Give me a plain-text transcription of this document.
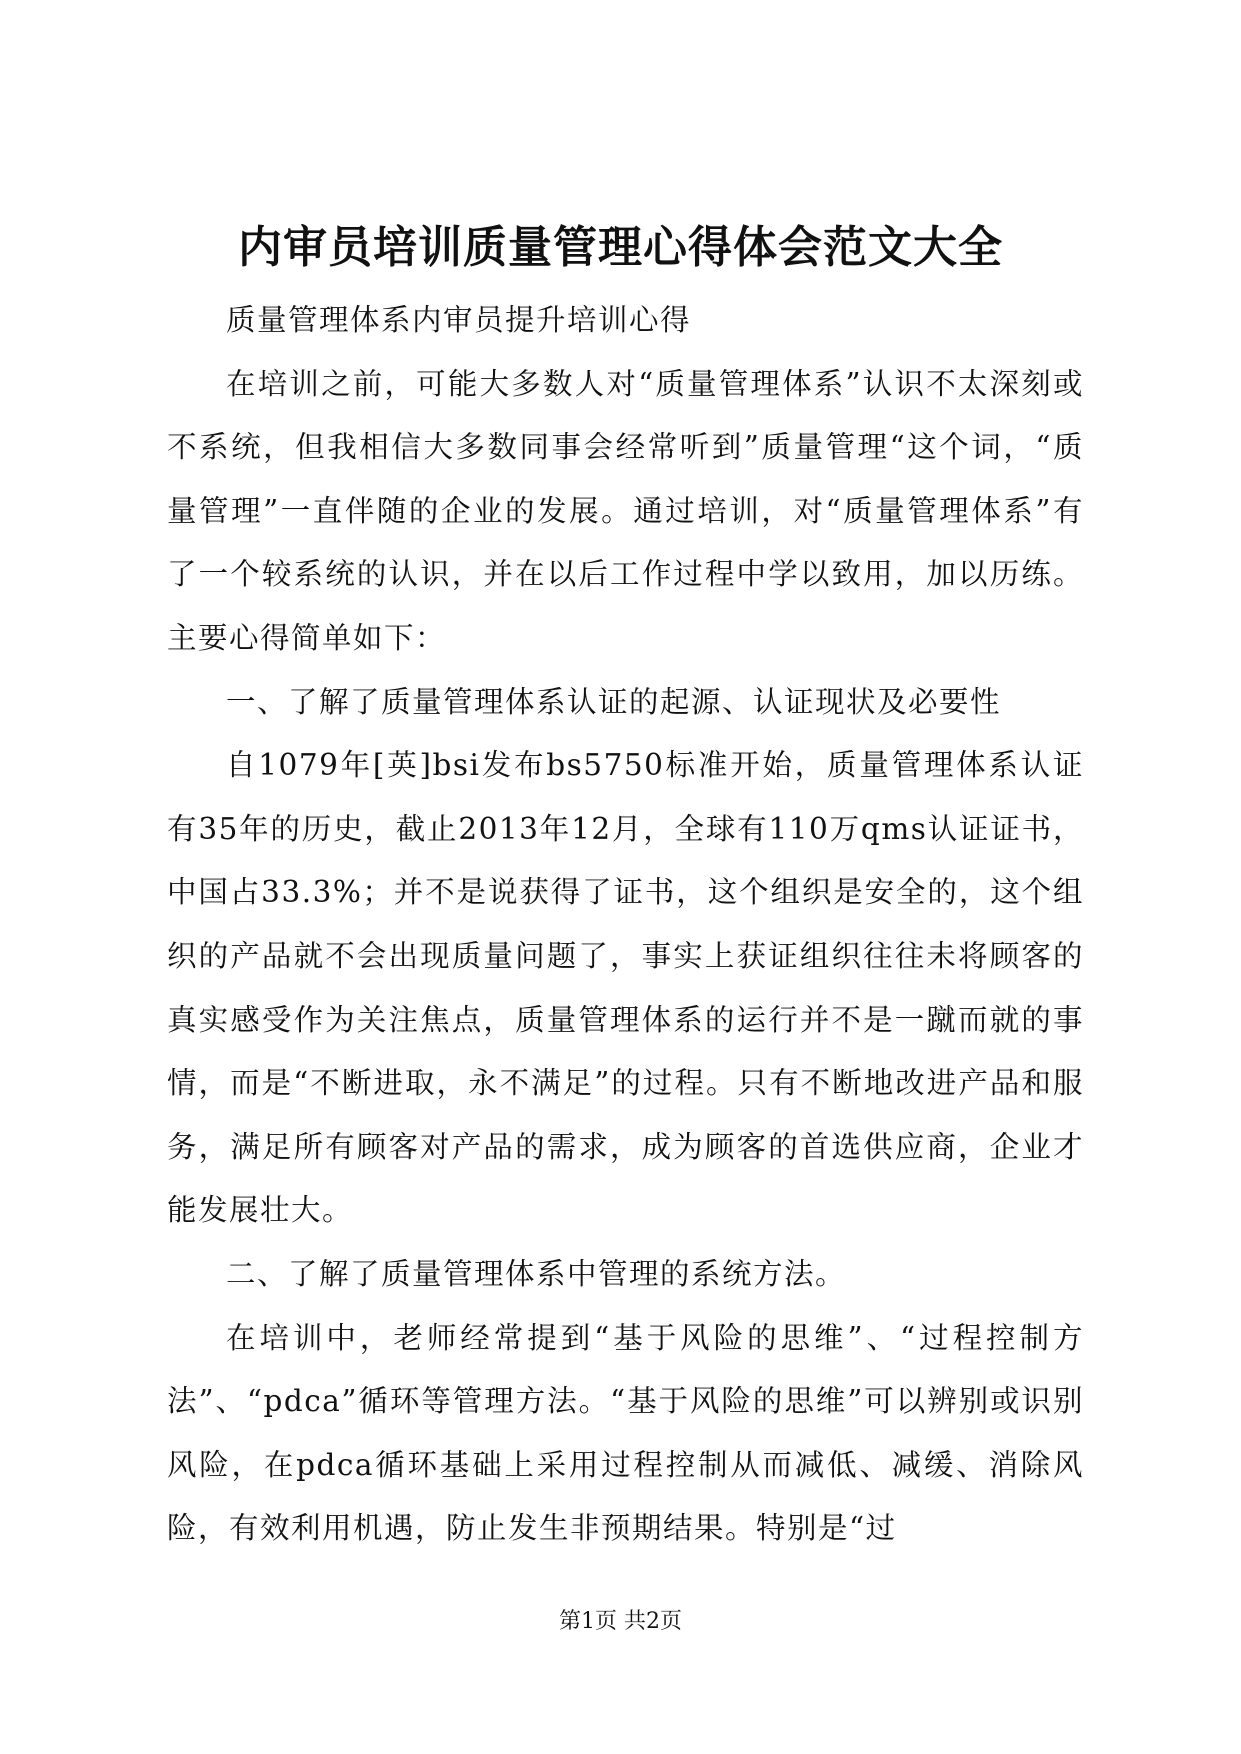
内审员培训质量管理心得体会范文大全

质量管理体系内审员提升培训心得

在培训之前，可能大多数人对“质量管理体系”认识不太深刻或不系统，但我相信大多数同事会经常听到”质量管理“这个词，“质量管理”一直伴随的企业的发展。通过培训，对“质量管理体系”有了一个较系统的认识，并在以后工作过程中学以致用，加以历练。主要心得简单如下：

一、了解了质量管理体系认证的起源、认证现状及必要性

自1079年[英]bsi发布bs5750标准开始，质量管理体系认证有35年的历史，截止2013年12月，全球有110万qms认证证书，中国占33.3%；并不是说获得了证书，这个组织是安全的，这个组织的产品就不会出现质量问题了，事实上获证组织往往未将顾客的真实感受作为关注焦点，质量管理体系的运行并不是一蹴而就的事情，而是“不断进取，永不满足”的过程。只有不断地改进产品和服务，满足所有顾客对产品的需求，成为顾客的首选供应商，企业才能发展壮大。

二、了解了质量管理体系中管理的系统方法。

在培训中，老师经常提到“基于风险的思维”、“过程控制方法”、“pdca”循环等管理方法。“基于风险的思维”可以辨别或识别风险，在pdca循环基础上采用过程控制从而减低、减缓、消除风险，有效利用机遇，防止发生非预期结果。特别是“过

第1页 共2页
